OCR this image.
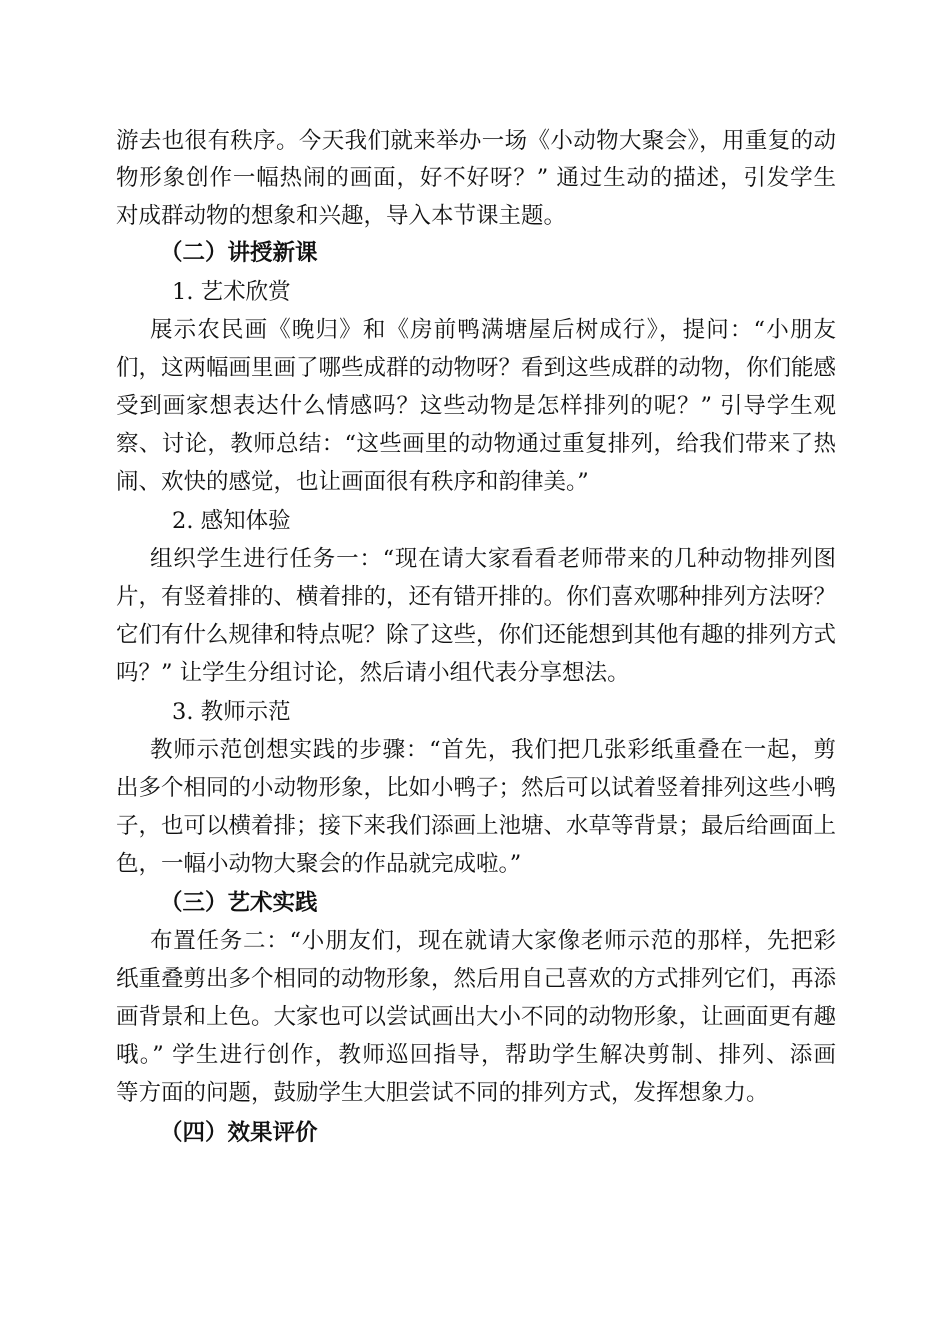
游去也很有秩序。今天我们就来举办一场《小动物大聚会》，用重复的动
物形象创作一幅热闹的画面，好不好呀？” 通过生动的描述，引发学生
对成群动物的想象和兴趣，导入本节课主题。
（二）讲授新课
1. 艺术欣赏
展示农民画《晚归》和《房前鸭满塘屋后树成行》，提问：“小朋友
们，这两幅画里画了哪些成群的动物呀？看到这些成群的动物，你们能感
受到画家想表达什么情感吗？这些动物是怎样排列的呢？” 引导学生观
察、讨论，教师总结：“这些画里的动物通过重复排列，给我们带来了热
闹、欢快的感觉，也让画面很有秩序和韵律美。”
2. 感知体验
组织学生进行任务一：“现在请大家看看老师带来的几种动物排列图
片，有竖着排的、横着排的，还有错开排的。你们喜欢哪种排列方法呀？
它们有什么规律和特点呢？除了这些，你们还能想到其他有趣的排列方式
吗？” 让学生分组讨论，然后请小组代表分享想法。
3. 教师示范
教师示范创想实践的步骤：“首先，我们把几张彩纸重叠在一起，剪
出多个相同的小动物形象，比如小鸭子；然后可以试着竖着排列这些小鸭
子，也可以横着排；接下来我们添画上池塘、水草等背景；最后给画面上
色，一幅小动物大聚会的作品就完成啦。”
（三）艺术实践
布置任务二：“小朋友们，现在就请大家像老师示范的那样，先把彩
纸重叠剪出多个相同的动物形象，然后用自己喜欢的方式排列它们，再添
画背景和上色。大家也可以尝试画出大小不同的动物形象，让画面更有趣
哦。” 学生进行创作，教师巡回指导，帮助学生解决剪制、排列、添画
等方面的问题，鼓励学生大胆尝试不同的排列方式，发挥想象力。
（四）效果评价
